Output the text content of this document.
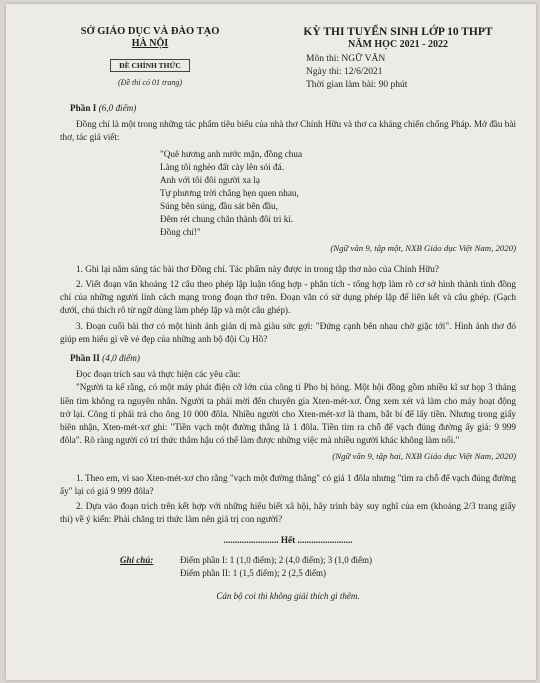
SỞ GIÁO DỤC VÀ ĐÀO TẠO
HÀ NỘI
ĐỀ CHÍNH THỨC
(Đề thi có 01 trang)
KỲ THI TUYỂN SINH LỚP 10 THPT
NĂM HỌC 2021 - 2022
Môn thi: NGỮ VĂN
Ngày thi: 12/6/2021
Thời gian làm bài: 90 phút
Phần I (6,0 điểm)

Đồng chí là một trong những tác phẩm tiêu biểu của nhà thơ Chính Hữu và thơ ca kháng chiến chống Pháp. Mở đầu bài thơ, tác giả viết:

"Quê hương anh nước mặn, đồng chua
Làng tôi nghèo đất cày lên sỏi đá.
Anh với tôi đôi người xa lạ
Tự phương trời chẳng hẹn quen nhau,
Súng bên súng, đầu sát bên đầu,
Đêm rét chung chăn thành đôi tri kỉ.
Đồng chí!"
(Ngữ văn 9, tập một, NXB Giáo dục Việt Nam, 2020)

1. Ghi lại năm sáng tác bài thơ Đồng chí. Tác phẩm này được in trong tập thơ nào của Chính Hữu?

2. Viết đoạn văn khoảng 12 câu theo phép lập luận tổng hợp - phân tích - tổng hợp làm rõ cơ sở hình thành tình đồng chí của những người lính cách mạng trong đoạn thơ trên. Đoạn văn có sử dụng phép lặp để liên kết và câu ghép. (Gạch dưới, chú thích rõ từ ngữ dùng làm phép lặp và một câu ghép).

3. Đoạn cuối bài thơ có một hình ảnh giản dị mà giàu sức gợi: "Đứng cạnh bên nhau chờ giặc tới". Hình ảnh thơ đó giúp em hiểu gì về vẻ đẹp của những anh bộ đội Cụ Hồ?

Phần II (4,0 điểm)

Đọc đoạn trích sau và thực hiện các yêu cầu:

"Người ta kể rằng, có một máy phát điện cỡ lớn của công ti Pho bị hỏng. Một hội đồng gồm nhiều kĩ sư họp 3 tháng liền tìm không ra nguyên nhân. Người ta phải mời đến chuyên gia Xten-mét-xơ. Ông xem xét và làm cho máy hoạt động trở lại. Công ti phải trả cho ông 10 000 đôla. Nhiều người cho Xten-mét-xơ là tham, bắt bí để lấy tiền. Nhưng trong giấy biên nhận, Xten-mét-xơ ghi: "Tiền vạch một đường thẳng là 1 đôla. Tiền tìm ra chỗ để vạch đúng đường ấy giá: 9 999 đôla". Rõ ràng người có tri thức thâm hậu có thể làm được những việc mà nhiều người khác không làm nổi."

(Ngữ văn 9, tập hai, NXB Giáo dục Việt Nam, 2020)

1. Theo em, vì sao Xten-mét-xơ cho rằng "vạch một đường thẳng" có giá 1 đôla nhưng "tìm ra chỗ để vạch đúng đường ấy" lại có giá 9 999 đôla?

2. Dựa vào đoạn trích trên kết hợp với những hiểu biết xã hội, hãy trình bày suy nghĩ của em (khoảng 2/3 trang giấy thi) về ý kiến: Phải chăng tri thức làm nên giá trị con người?

........................ Hết ........................
Ghi chú:	Điểm phần I: 1 (1,0 điểm); 2 (4,0 điểm); 3 (1,0 điểm)
Điểm phần II: 1 (1,5 điểm); 2 (2,5 điểm)
Cán bộ coi thi không giải thích gì thêm.
